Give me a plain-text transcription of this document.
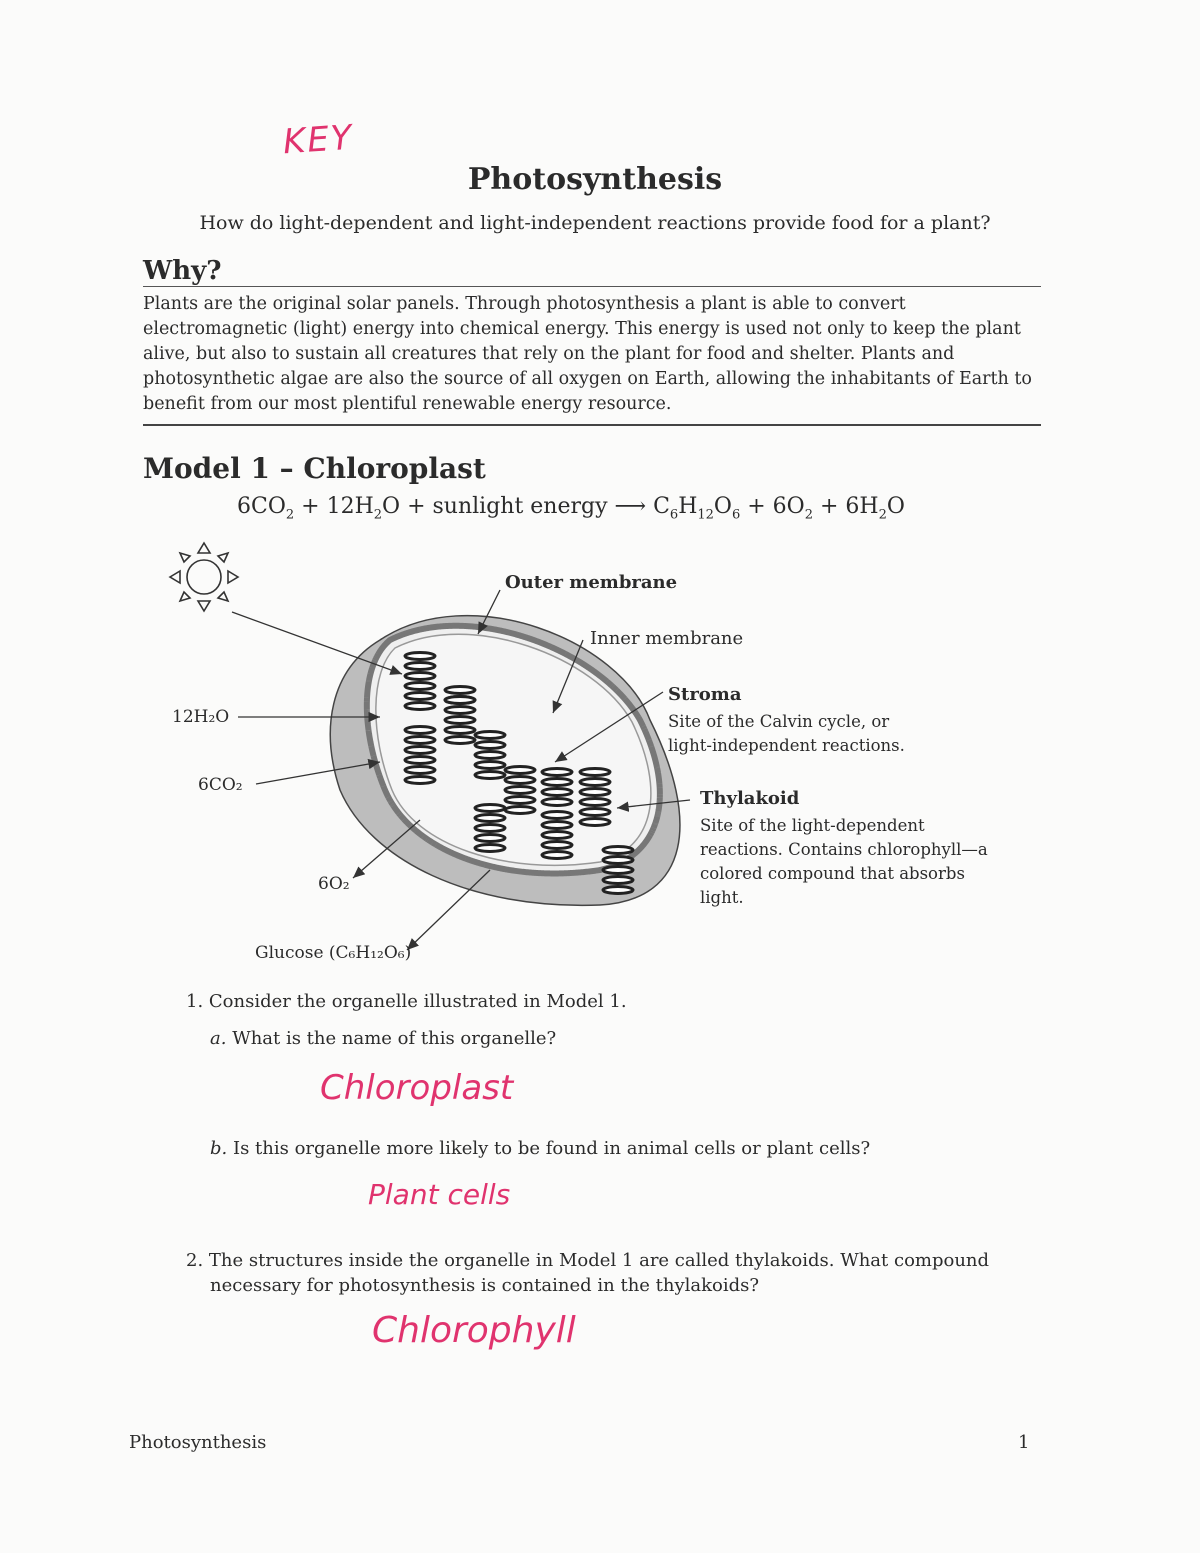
KEY
Photosynthesis
How do light-dependent and light-independent reactions provide food for a plant?
Why?
Plants are the original solar panels. Through photosynthesis a plant is able to convert electromagnetic (light) energy into chemical energy. This energy is used not only to keep the plant alive, but also to sustain all creatures that rely on the plant for food and shelter. Plants and photosynthetic algae are also the source of all oxygen on Earth, allowing the inhabitants of Earth to benefit from our most plentiful renewable energy resource.
Model 1 – Chloroplast
$6CO_2 + 12H_2O$ + sunlight energy ⟶ $C_6H_{12}O_6 + 6O_2 + 6H_2O$
Outer membrane
Inner membrane
Stroma
Site of the Calvin cycle, or light-independent reactions.
Thylakoid
Site of the light-dependent reactions. Contains chlorophyll—a colored compound that absorbs light.
12H₂O
6CO₂
6O₂
Glucose (C₆H₁₂O₆)
1. Consider the organelle illustrated in Model 1.
a. What is the name of this organelle?
Chloroplast
b. Is this organelle more likely to be found in animal cells or plant cells?
Plant cells
2. The structures inside the organelle in Model 1 are called thylakoids. What compound necessary for photosynthesis is contained in the thylakoids?
Chlorophyll
Photosynthesis	1
